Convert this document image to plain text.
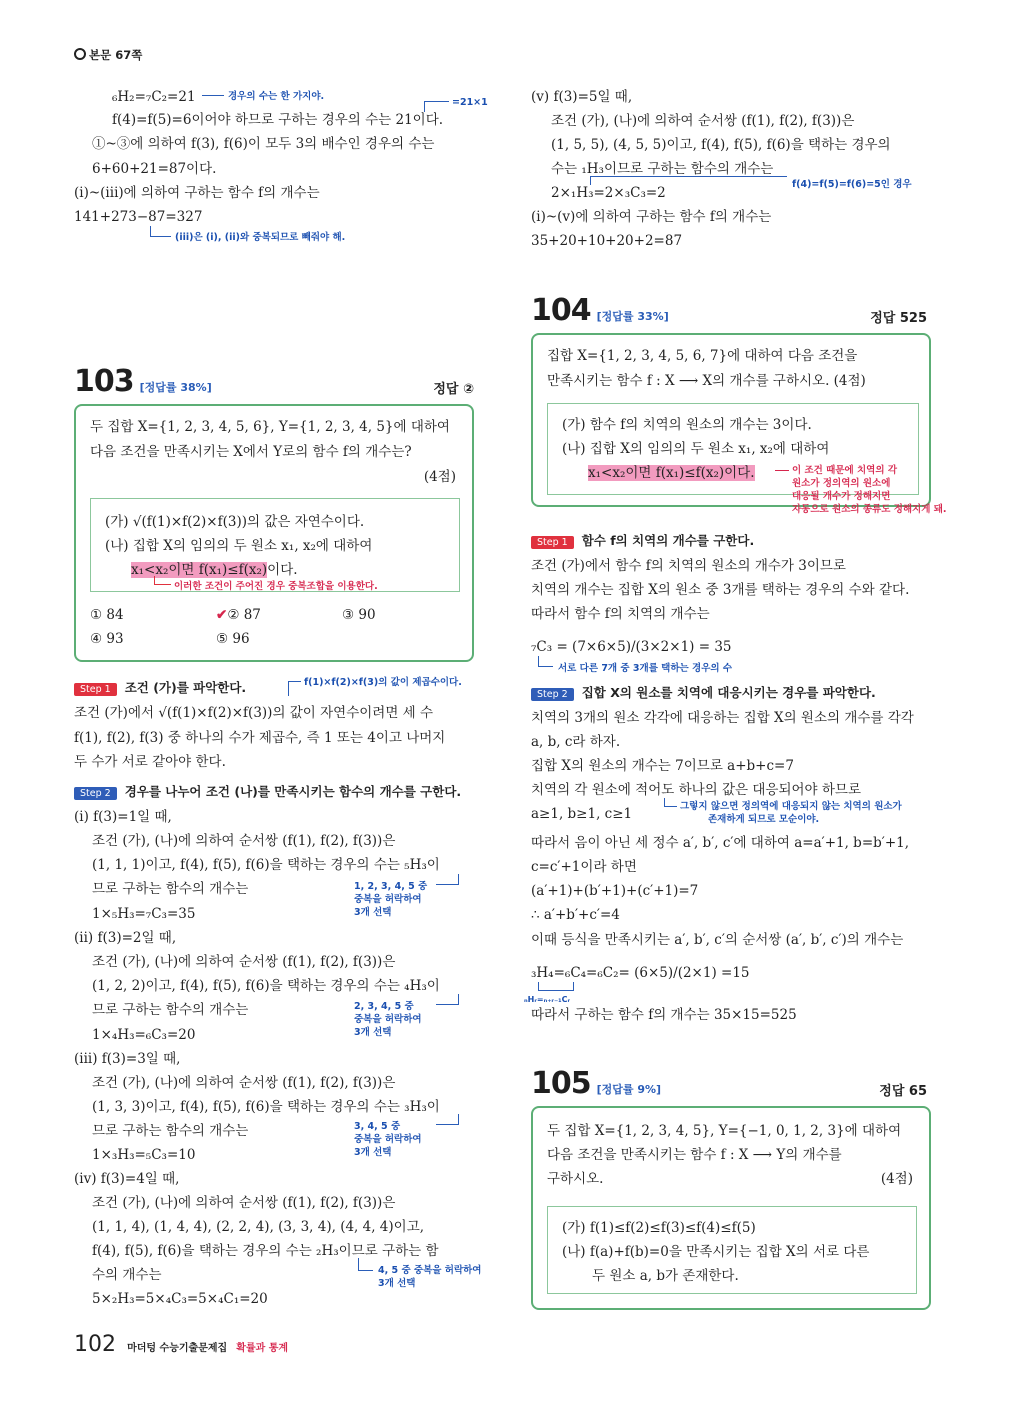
본문 67쪽
₆H₂=₇C₂=21	경우의 수는 한 가지야.
=21×1
f(4)=f(5)=6이어야 하므로 구하는 경우의 수는 21이다.
①~③에 의하여 f(3), f(6)이 모두 3의 배수인 경우의 수는
6+60+21=87이다.
(i)~(iii)에 의하여 구하는 함수 f의 개수는
141+273−87=327
(iii)은 (i), (ii)와 중복되므로 빼줘야 해.
(v) f(3)=5일 때,
조건 (가), (나)에 의하여 순서쌍 (f(1), f(2), f(3))은
(1, 5, 5), (4, 5, 5)이고, f(4), f(5), f(6)을 택하는 경우의
수는 ₁H₃이므로 구하는 함수의 개수는
2×₁H₃=2×₃C₃=2
f(4)=f(5)=f(6)=5인 경우
(i)~(v)에 의하여 구하는 함수 f의 개수는
35+20+10+20+2=87
103 [정답률 38%]	정답 ②
두 집합 X={1, 2, 3, 4, 5, 6}, Y={1, 2, 3, 4, 5}에 대하여
다음 조건을 만족시키는 X에서 Y로의 함수 f의 개수는?
(4점)
(가) √(f(1)×f(2)×f(3))의 값은 자연수이다.
(나) 집합 X의 임의의 두 원소 x₁, x₂에 대하여
x₁<x₂이면 f(x₁)≤f(x₂)이다.
이러한 조건이 주어진 경우 중복조합을 이용한다.
① 84	✔② 87	③ 90
④ 93	⑤ 96
Step 1 조건 (가)를 파악한다.	f(1)×f(2)×f(3)의 값이 제곱수이다.
조건 (가)에서 √(f(1)×f(2)×f(3))의 값이 자연수이려면 세 수
f(1), f(2), f(3) 중 하나의 수가 제곱수, 즉 1 또는 4이고 나머지
두 수가 서로 같아야 한다.
Step 2 경우를 나누어 조건 (나)를 만족시키는 함수의 개수를 구한다.
(i) f(3)=1일 때,
조건 (가), (나)에 의하여 순서쌍 (f(1), f(2), f(3))은
(1, 1, 1)이고, f(4), f(5), f(6)을 택하는 경우의 수는 ₅H₃이
므로 구하는 함수의 개수는
1×₅H₃=₇C₃=35
1, 2, 3, 4, 5 중
중복을 허락하여
3개 선택
(ii) f(3)=2일 때,
조건 (가), (나)에 의하여 순서쌍 (f(1), f(2), f(3))은
(1, 2, 2)이고, f(4), f(5), f(6)을 택하는 경우의 수는 ₄H₃이
므로 구하는 함수의 개수는
1×₄H₃=₆C₃=20
2, 3, 4, 5 중
중복을 허락하여
3개 선택
(iii) f(3)=3일 때,
조건 (가), (나)에 의하여 순서쌍 (f(1), f(2), f(3))은
(1, 3, 3)이고, f(4), f(5), f(6)을 택하는 경우의 수는 ₃H₃이
므로 구하는 함수의 개수는
1×₃H₃=₅C₃=10
3, 4, 5 중
중복을 허락하여
3개 선택
(iv) f(3)=4일 때,
조건 (가), (나)에 의하여 순서쌍 (f(1), f(2), f(3))은
(1, 1, 4), (1, 4, 4), (2, 2, 4), (3, 3, 4), (4, 4, 4)이고,
f(4), f(5), f(6)을 택하는 경우의 수는 ₂H₃이므로 구하는 함
수의 개수는
5×₂H₃=5×₄C₃=5×₄C₁=20
4, 5 중 중복을 허락하여
3개 선택
104 [정답률 33%]	정답 525
집합 X={1, 2, 3, 4, 5, 6, 7}에 대하여 다음 조건을
만족시키는 함수 f : X ⟶ X의 개수를 구하시오. (4점)
(가) 함수 f의 치역의 원소의 개수는 3이다.
(나) 집합 X의 임의의 두 원소 x₁, x₂에 대하여
x₁<x₂이면 f(x₁)≤f(x₂)이다.	이 조건 때문에 치역의 각
원소가 정의역의 원소에
대응될 개수가 정해지면
자동으로 원소의 종류도 정해지게 돼.
Step 1 함수 f의 치역의 개수를 구한다.
조건 (가)에서 함수 f의 치역의 원소의 개수가 3이므로
치역의 개수는 집합 X의 원소 중 3개를 택하는 경우의 수와 같다.
따라서 함수 f의 치역의 개수는
₇C₃ = (7×6×5)/(3×2×1) = 35
서로 다른 7개 중 3개를 택하는 경우의 수
Step 2 집합 X의 원소를 치역에 대응시키는 경우를 파악한다.
치역의 3개의 원소 각각에 대응하는 집합 X의 원소의 개수를 각각
a, b, c라 하자.
집합 X의 원소의 개수는 7이므로 a+b+c=7
치역의 각 원소에 적어도 하나의 값은 대응되어야 하므로
a≥1, b≥1, c≥1	그렇지 않으면 정의역에 대응되지 않는 치역의 원소가
존재하게 되므로 모순이야.
따라서 음이 아닌 세 정수 a′, b′, c′에 대하여 a=a′+1, b=b′+1,
c=c′+1이라 하면
(a′+1)+(b′+1)+(c′+1)=7
∴ a′+b′+c′=4
이때 등식을 만족시키는 a′, b′, c′의 순서쌍 (a′, b′, c′)의 개수는
₃H₄=₆C₄=₆C₂= (6×5)/(2×1) =15
ₙHᵣ=ₙ₊ᵣ₋₁Cᵣ
따라서 구하는 함수 f의 개수는 35×15=525
105 [정답률 9%]	정답 65
두 집합 X={1, 2, 3, 4, 5}, Y={−1, 0, 1, 2, 3}에 대하여
다음 조건을 만족시키는 함수 f : X ⟶ Y의 개수를
구하시오.	(4점)
(가) f(1)≤f(2)≤f(3)≤f(4)≤f(5)
(나) f(a)+f(b)=0을 만족시키는 집합 X의 서로 다른
두 원소 a, b가 존재한다.
102 마더텅 수능기출문제집 확률과 통계
